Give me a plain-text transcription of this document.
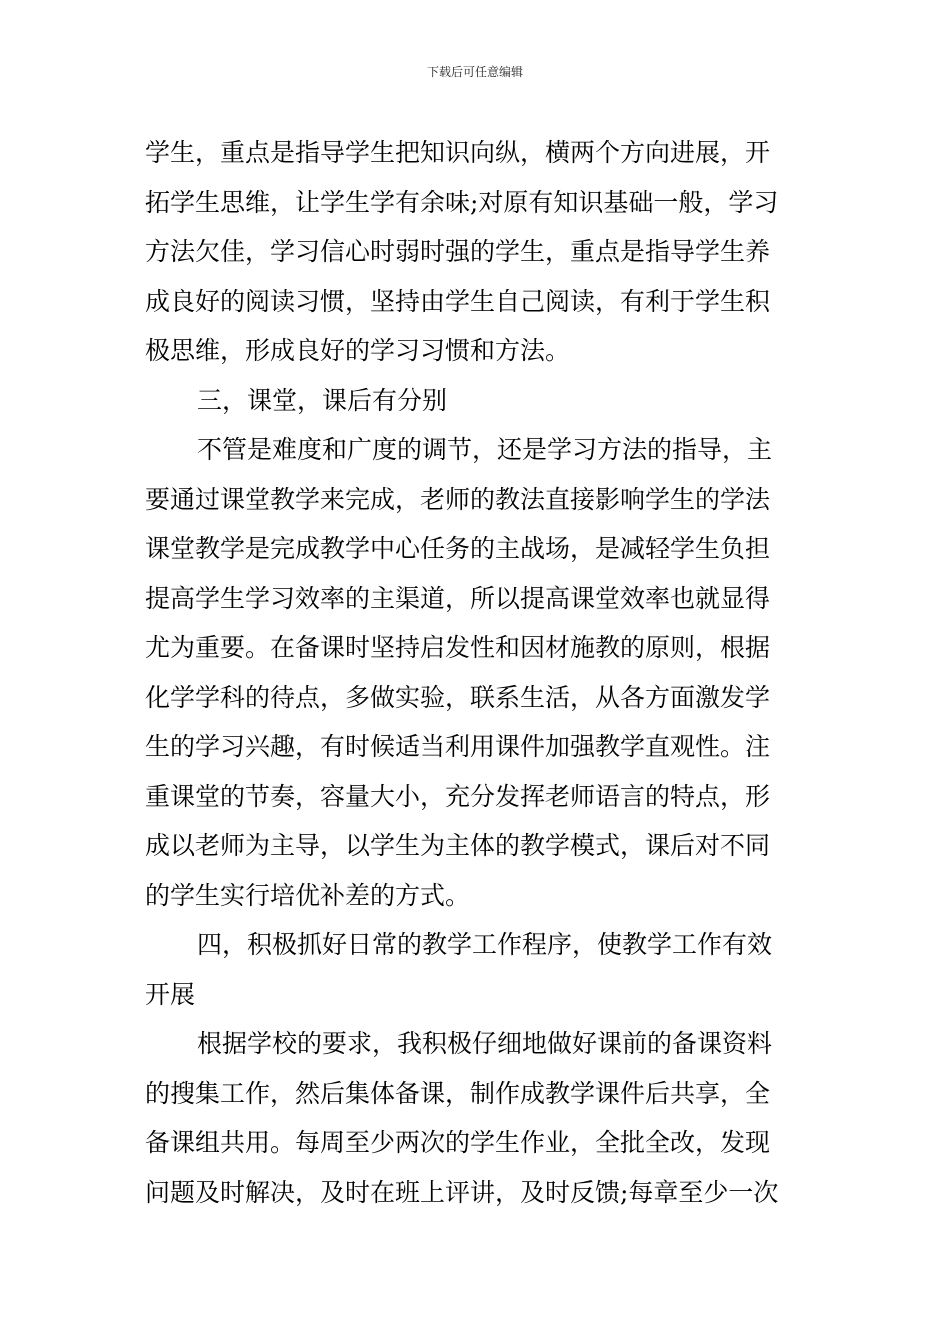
下载后可任意编辑
学生，重点是指导学生把知识向纵，横两个方向进展，开
拓学生思维，让学生学有余味;对原有知识基础一般，学习
方法欠佳，学习信心时弱时强的学生，重点是指导学生养
成良好的阅读习惯，坚持由学生自己阅读，有利于学生积
极思维，形成良好的学习习惯和方法。
三，课堂，课后有分别
不管是难度和广度的调节，还是学习方法的指导，主
要通过课堂教学来完成，老师的教法直接影响学生的学法
课堂教学是完成教学中心任务的主战场，是减轻学生负担
提高学生学习效率的主渠道，所以提高课堂效率也就显得
尤为重要。在备课时坚持启发性和因材施教的原则，根据
化学学科的待点，多做实验，联系生活，从各方面激发学
生的学习兴趣，有时候适当利用课件加强教学直观性。注
重课堂的节奏，容量大小，充分发挥老师语言的特点，形
成以老师为主导，以学生为主体的教学模式，课后对不同
的学生实行培优补差的方式。
四，积极抓好日常的教学工作程序，使教学工作有效
开展
根据学校的要求，我积极仔细地做好课前的备课资料
的搜集工作，然后集体备课，制作成教学课件后共享，全
备课组共用。每周至少两次的学生作业，全批全改，发现
问题及时解决，及时在班上评讲，及时反馈;每章至少一次
